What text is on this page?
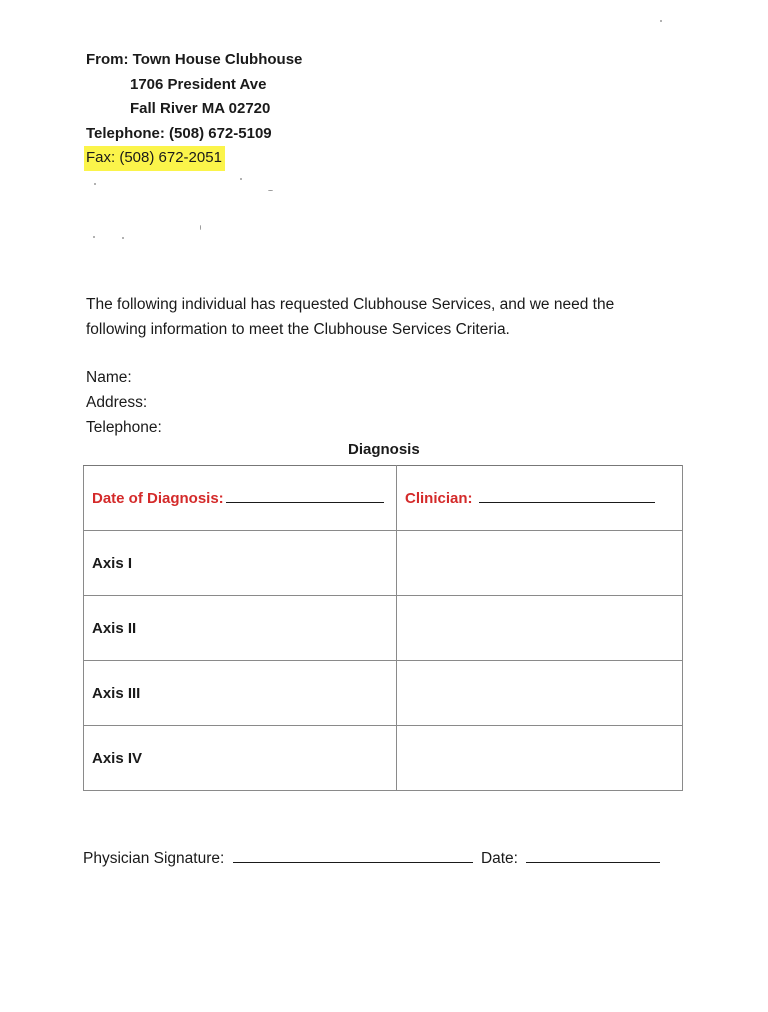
From: Town House Clubhouse
1706 President Ave
Fall River MA 02720
Telephone: (508) 672-5109
Fax: (508) 672-2051
The following individual has requested Clubhouse Services, and we need the
following information to meet the Clubhouse Services Criteria.
Name:
Address:
Telephone:
Diagnosis
Date of Diagnosis:	Clinician:
Axis I	
Axis II	
Axis III	
Axis IV	
Physician Signature:	Date:
